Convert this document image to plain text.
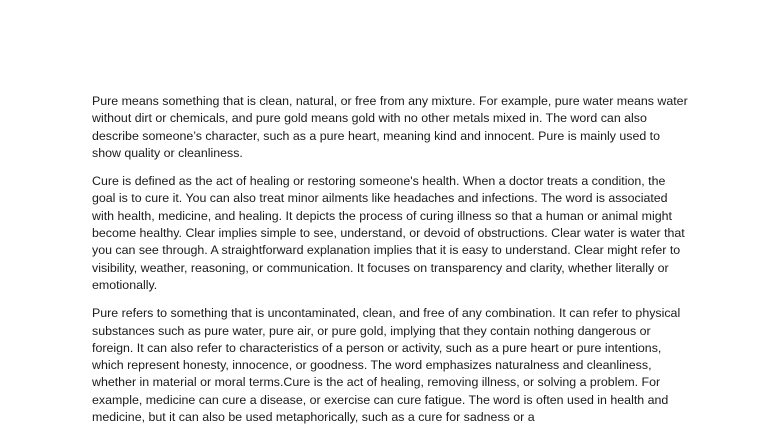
Pure means something that is clean, natural, or free from any mixture. For example, pure water means water without dirt or chemicals, and pure gold means gold with no other metals mixed in. The word can also describe someone’s character, such as a pure heart, meaning kind and innocent. Pure is mainly used to show quality or cleanliness.

Cure is defined as the act of healing or restoring someone's health. When a doctor treats a condition, the goal is to cure it. You can also treat minor ailments like headaches and infections. The word is associated with health, medicine, and healing. It depicts the process of curing illness so that a human or animal might become healthy. Clear implies simple to see, understand, or devoid of obstructions. Clear water is water that you can see through. A straightforward explanation implies that it is easy to understand. Clear might refer to visibility, weather, reasoning, or communication. It focuses on transparency and clarity, whether literally or emotionally.

Pure refers to something that is uncontaminated, clean, and free of any combination. It can refer to physical substances such as pure water, pure air, or pure gold, implying that they contain nothing dangerous or foreign. It can also refer to characteristics of a person or activity, such as a pure heart or pure intentions, which represent honesty, innocence, or goodness. The word emphasizes naturalness and cleanliness, whether in material or moral terms.Cure is the act of healing, removing illness, or solving a problem. For example, medicine can cure a disease, or exercise can cure fatigue. The word is often used in health and medicine, but it can also be used metaphorically, such as a cure for sadness or a
